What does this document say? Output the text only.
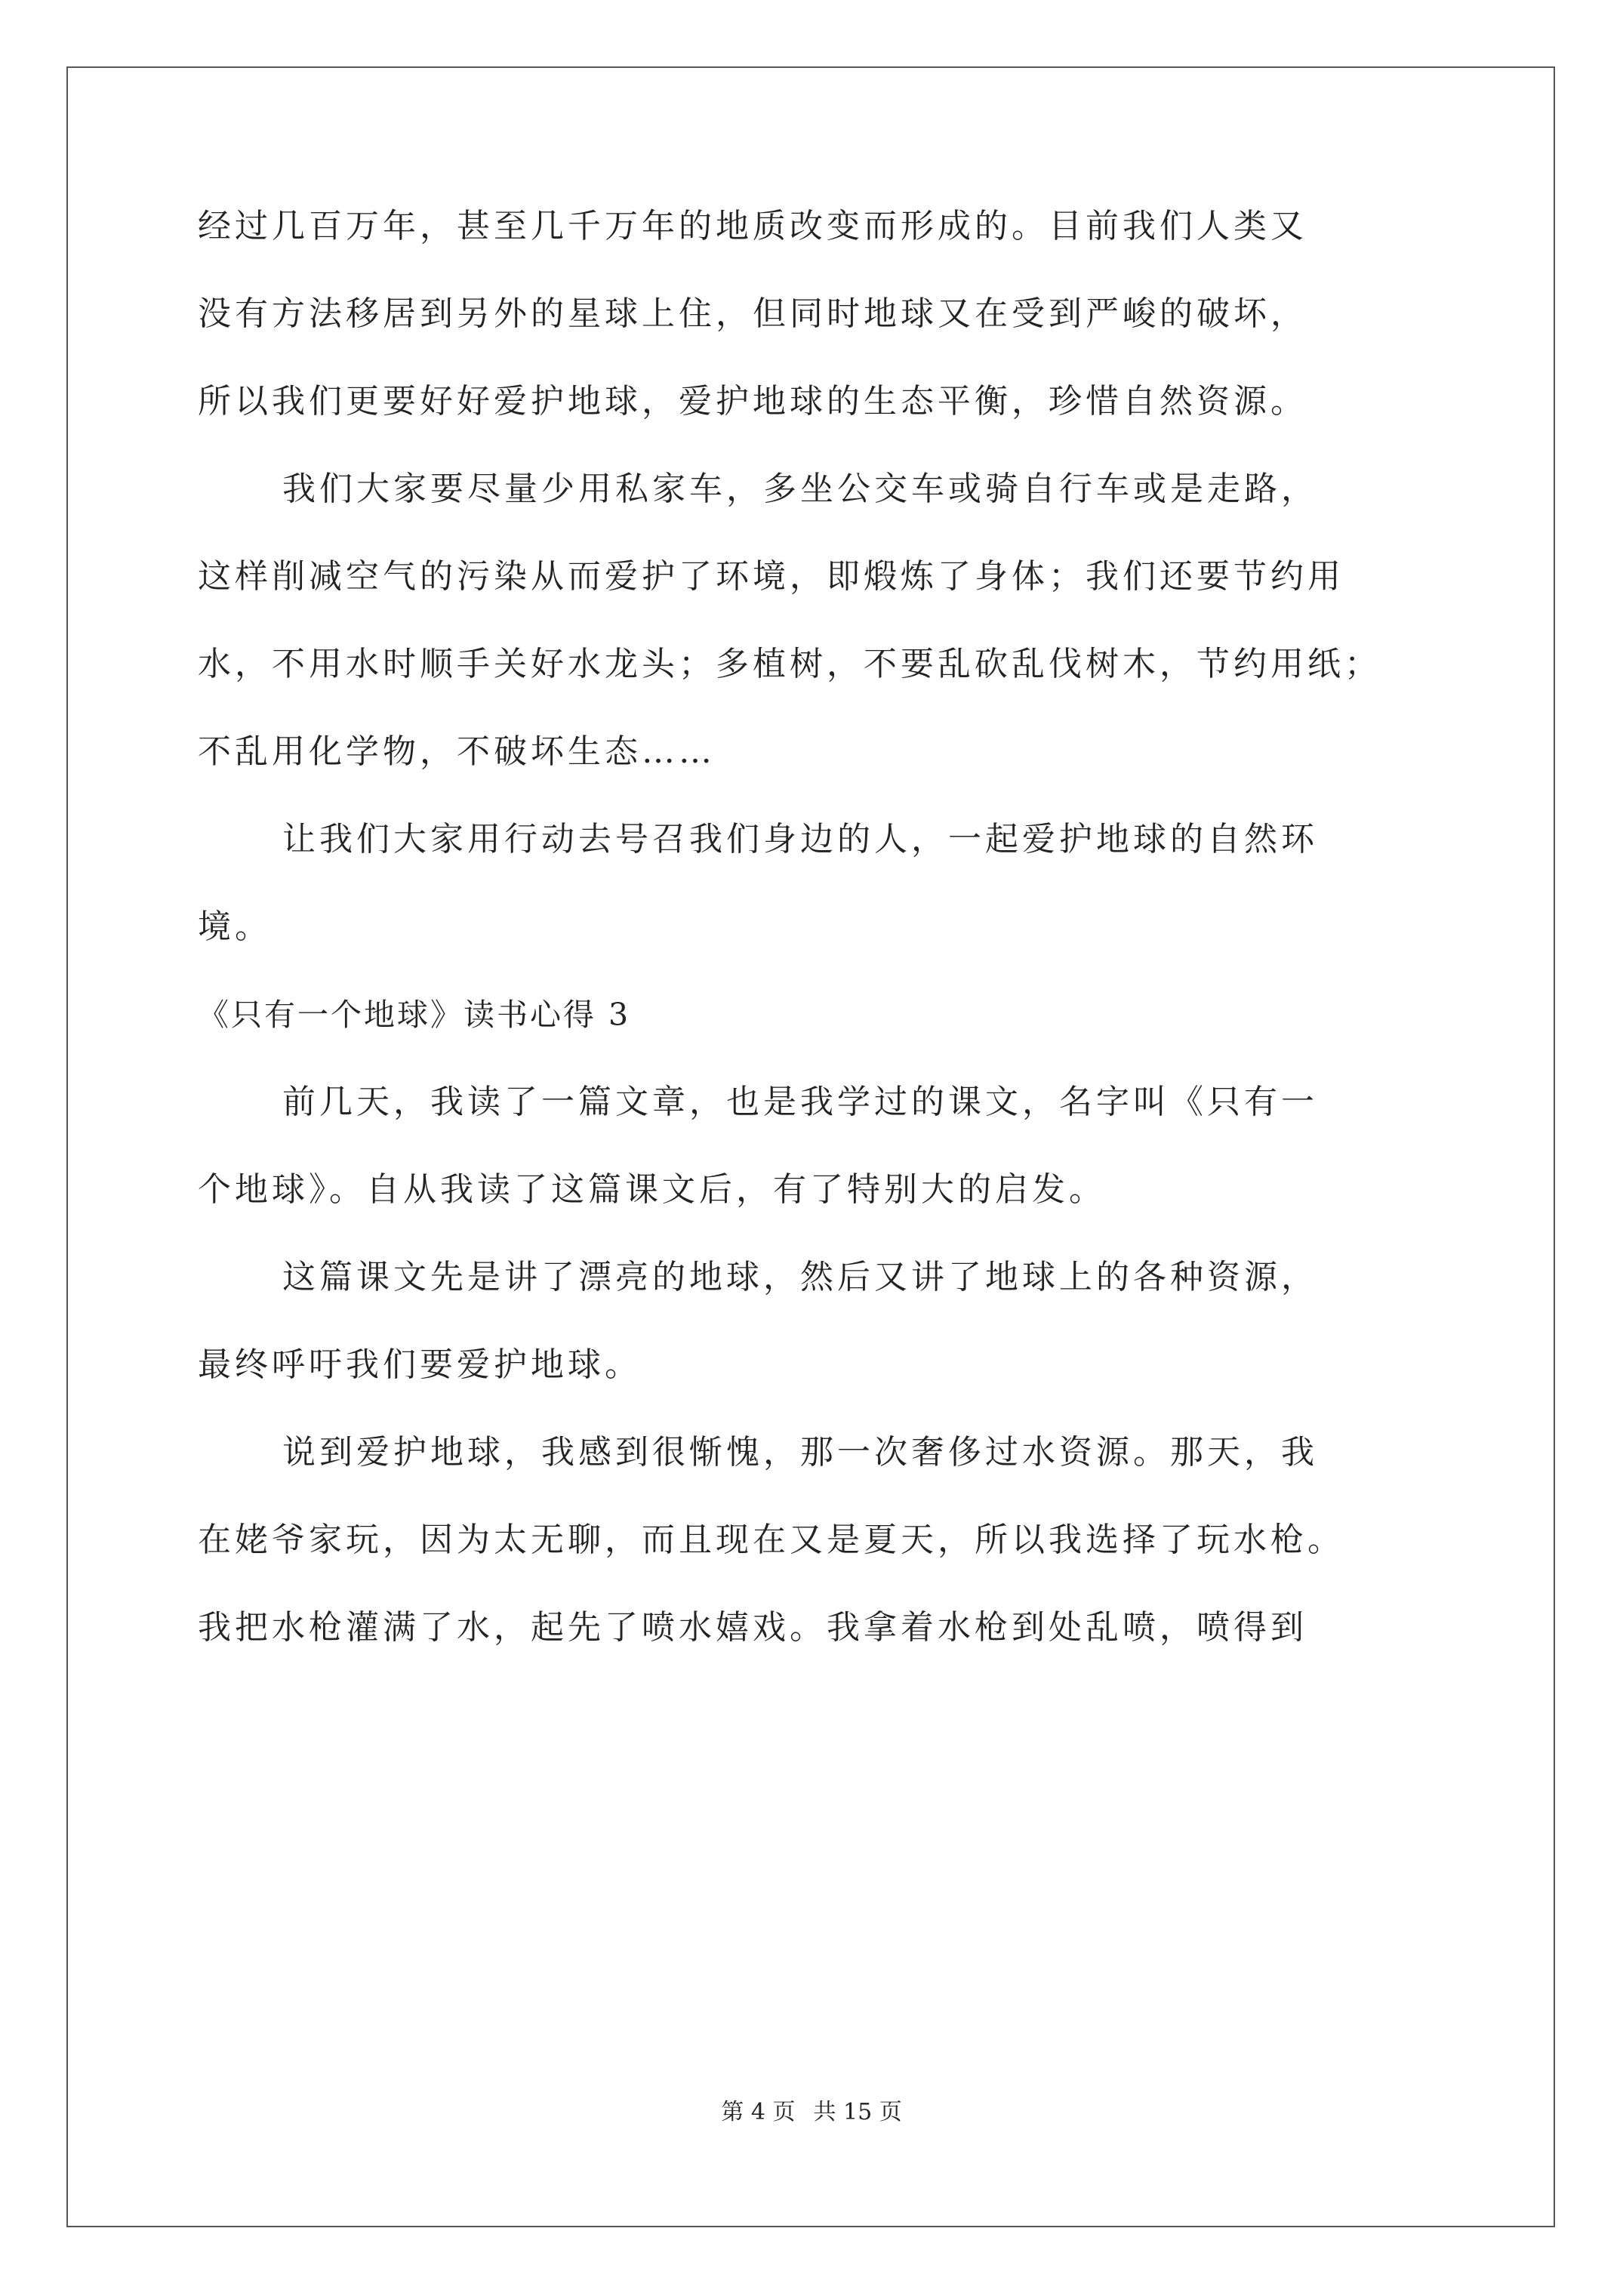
经过几百万年，甚至几千万年的地质改变而形成的。目前我们人类又
没有方法移居到另外的星球上住，但同时地球又在受到严峻的破坏，
所以我们更要好好爱护地球，爱护地球的生态平衡，珍惜自然资源。
我们大家要尽量少用私家车，多坐公交车或骑自行车或是走路，
这样削减空气的污染从而爱护了环境，即煅炼了身体；我们还要节约用
水，不用水时顺手关好水龙头；多植树，不要乱砍乱伐树木，节约用纸；
不乱用化学物，不破坏生态……
让我们大家用行动去号召我们身边的人，一起爱护地球的自然环
境。
《只有一个地球》读书心得 3
前几天，我读了一篇文章，也是我学过的课文，名字叫《只有一
个地球》。自从我读了这篇课文后，有了特别大的启发。
这篇课文先是讲了漂亮的地球，然后又讲了地球上的各种资源，
最终呼吁我们要爱护地球。
说到爱护地球，我感到很惭愧，那一次奢侈过水资源。那天，我
在姥爷家玩，因为太无聊，而且现在又是夏天，所以我选择了玩水枪。
我把水枪灌满了水，起先了喷水嬉戏。我拿着水枪到处乱喷，喷得到
第 4 页 共 15 页
